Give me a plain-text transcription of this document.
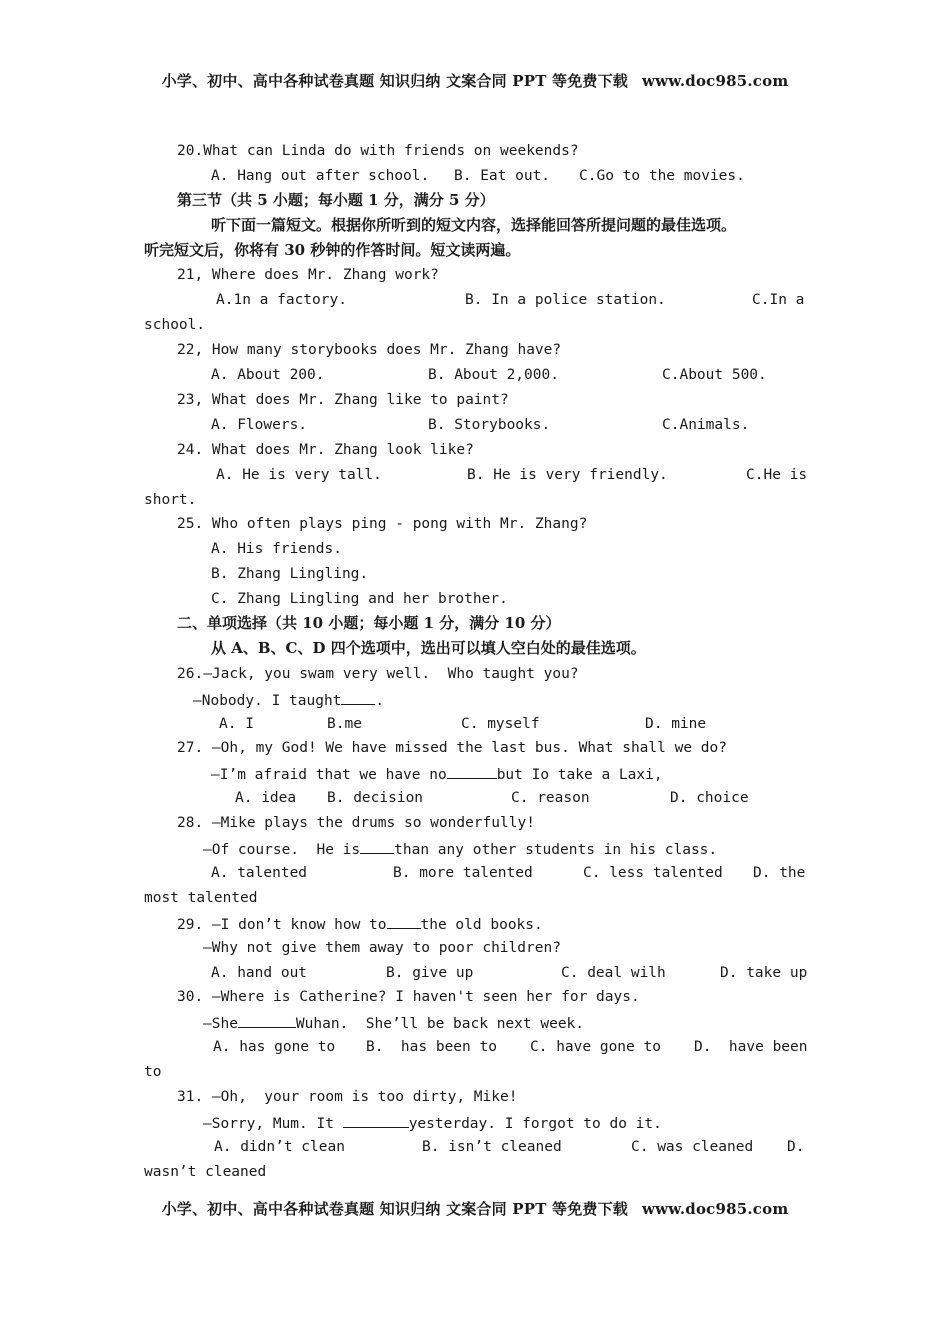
小学、初中、高中各种试卷真题 知识归纳 文案合同 PPT 等免费下载 www.doc985.com
20.What can Linda do with friends on weekends?
A. Hang out after school. B. Eat out. C.Go to the movies.
第三节（共 5 小题；每小题 1 分，满分 5 分）
听下面一篇短文。根据你所听到的短文内容，选择能回答所提问题的最佳选项。
听完短文后，你将有 30 秒钟的作答时间。短文读两遍。
21, Where does Mr. Zhang work?
A.1n a factory.	B. In a police station.	C.In a
school.
22, How many storybooks does Mr. Zhang have?
A. About 200.	B. About 2,000.	C.About 500.
23, What does Mr. Zhang like to paint?
A. Flowers.	B. Storybooks.	C.Animals.
24. What does Mr. Zhang look like?
A. He is very tall.	B. He is very friendly.	C.He is
short.
25. Who often plays ping - pong with Mr. Zhang?
A. His friends.
B. Zhang Lingling.
C. Zhang Lingling and her brother.
二、单项选择（共 10 小题；每小题 1 分，满分 10 分）
从 A、B、C、D 四个选项中，选出可以填人空白处的最佳选项。
26.—Jack, you swam very well.  Who taught you?
—Nobody. I taught .
A. I	B.me	C. myself	D. mine
27. —Oh, my God! We have missed the last bus. What shall we do?
—I’m afraid that we have no	but Io take a Laxi,
A. idea B. decision	C. reason	D. choice
28. —Mike plays the drums so wonderfully!
—Of course.  He is than any other students in his class.
A. talented	B. more talented	C. less talented D. the
most talented
29. —I don’t know how to the old books.
—Why not give them away to poor children?
A. hand out	B. give up	C. deal wilh	D. take up
30. —Where is Catherine? I haven't seen her for days.
—She	Wuhan.  She’ll be back next week.
A. has gone to B.  has been to C. have gone to D.  have been
to
31. —Oh,  your room is too dirty, Mike!
—Sorry, Mum. It	yesterday. I forgot to do it.
A. didn’t clean	B. isn’t cleaned	C. was cleaned D.
wasn’t cleaned
小学、初中、高中各种试卷真题 知识归纳 文案合同 PPT 等免费下载 www.doc985.com
